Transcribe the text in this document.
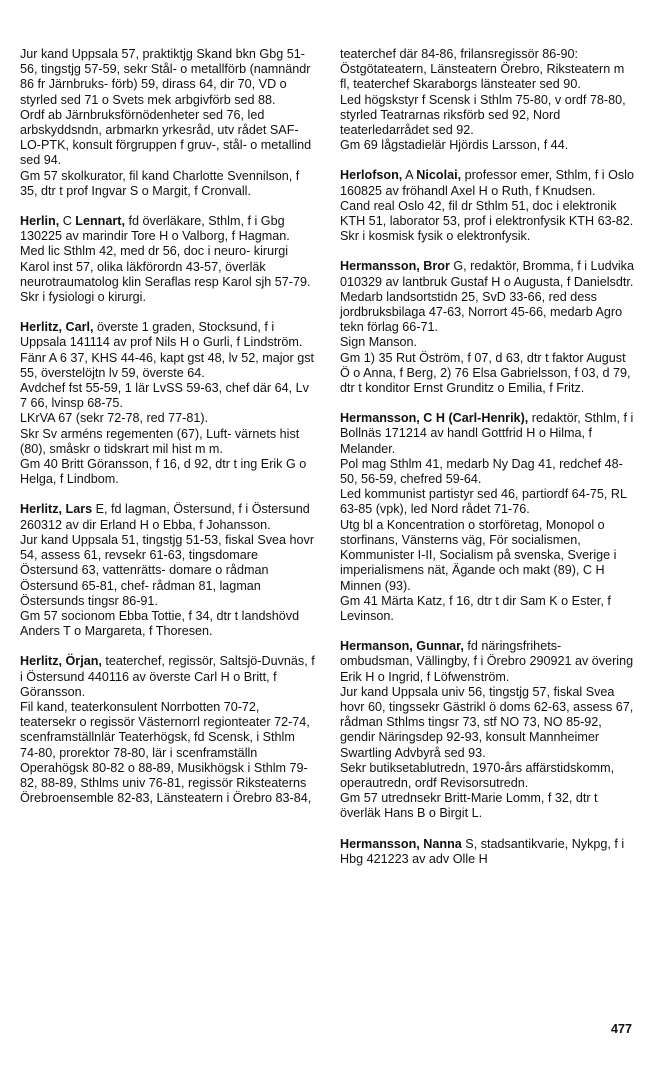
Jur kand Uppsala 57, praktiktjg Skand bkn Gbg 51-56, tingstjg 57-59, sekr Stål- o metallförb (namnändr 86 fr Järnbruks- förb) 59, dirass 64, dir 70, VD o styrled sed 71 o Svets mek arbgivförb sed 88.
Ordf ab Järnbruksförnödenheter sed 76, led arbskyddsndn, arbmarkn yrkesråd, utv rådet SAF-LO-PTK, konsult förgruppen f gruv-, stål- o metallind sed 94.
Gm 57 skolkurator, fil kand Charlotte Svennilson, f 35, dtr t prof Ingvar S o Margit, f Cronvall.

Herlin, C Lennart, fd överläkare, Sthlm, f i Gbg 130225 av marindir Tore H o Valborg, f Hagman.

Med lic Sthlm 42, med dr 56, doc i neuro- kirurgi Karol inst 57, olika läkförordn 43-57, överläk neurotraumatolog klin Seraflas resp Karol sjh 57-79.
Skr i fysiologi o kirurgi.

Herlitz, Carl, överste 1 graden, Stocksund, f i Uppsala 141114 av prof Nils H o Gurli, f Lindström.

Fänr A 6 37, KHS 44-46, kapt gst 48, lv 52, major gst 55, överstelöjtn lv 59, överste 64.
Avdchef fst 55-59, 1 lär LvSS 59-63, chef där 64, Lv 7 66, lvinsp 68-75.
LKrVA 67 (sekr 72-78, red 77-81).
Skr Sv arméns regementen (67), Luft- värnets hist (80), småskr o tidskrart mil hist m m.
Gm 40 Britt Göransson, f 16, d 92, dtr t ing Erik G o Helga, f Lindbom.

Herlitz, Lars E, fd lagman, Östersund, f i Östersund 260312 av dir Erland H o Ebba, f Johansson.

Jur kand Uppsala 51, tingstjg 51-53, fiskal Svea hovr 54, assess 61, revsekr 61-63, tingsdomare Östersund 63, vattenrätts- domare o rådman Östersund 65-81, chef- rådman 81, lagman Östersunds tingsr 86-91.
Gm 57 socionom Ebba Tottie, f 34, dtr t landshövd Anders T o Margareta, f Thoresen.

Herlitz, Örjan, teaterchef, regissör, Saltsjö-Duvnäs, f i Östersund 440116 av överste Carl H o Britt, f Göransson.

Fil kand, teaterkonsulent Norrbotten 70-72, teatersekr o regissör Västernorrl regionteater 72-74, scenframställnlär Teaterhögsk, fd Scensk, i Sthlm 74-80, prorektor 78-80, lär i scenframställn Operahögsk 80-82 o 88-89, Musikhögsk i Sthlm 79-82, 88-89, Sthlms univ 76-81, regissör Riksteaterns Örebroensemble 82-83, Länsteatern i Örebro 83-84,

teaterchef där 84-86, frilansregissör 86-90: Östgötateatern, Länsteatern Örebro, Riksteatern m fl, teaterchef Skaraborgs länsteater sed 90.
Led högskstyr f Scensk i Sthlm 75-80, v ordf 78-80, styrled Teatrarnas riksförb sed 92, Nord teaterledarrådet sed 92.
Gm 69 lågstadielär Hjördis Larsson, f 44.

Herlofson, A Nicolai, professor emer, Sthlm, f i Oslo 160825 av fröhandl Axel H o Ruth, f Knudsen.

Cand real Oslo 42, fil dr Sthlm 51, doc i elektronik KTH 51, laborator 53, prof i elektronfysik KTH 63-82.
Skr i kosmisk fysik o elektronfysik.

Hermansson, Bror G, redaktör, Bromma, f i Ludvika 010329 av lantbruk Gustaf H o Augusta, f Danielsdtr.

Medarb landsortstidn 25, SvD 33-66, red dess jordbruksbilaga 47-63, Norrort 45-66, medarb Agro tekn förlag 66-71.
Sign Manson.
Gm 1) 35 Rut Öström, f 07, d 63, dtr t faktor August Ö o Anna, f Berg, 2) 76 Elsa Gabrielsson, f 03, d 79, dtr t konditor Ernst Grunditz o Emilia, f Fritz.

Hermansson, C H (Carl-Henrik), redaktör, Sthlm, f i Bollnäs 171214 av handl Gottfrid H o Hilma, f Melander.

Pol mag Sthlm 41, medarb Ny Dag 41, redchef 48-50, 56-59, chefred 59-64.
Led kommunist partistyr sed 46, partiordf 64-75, RL 63-85 (vpk), led Nord rådet 71-76.
Utg bl a Koncentration o storföretag, Monopol o storfinans, Vänsterns väg, För socialismen, Kommunister I-II, Socialism på svenska, Sverige i imperialismens nät, Ägande och makt (89), C H Minnen (93).
Gm 41 Märta Katz, f 16, dtr t dir Sam K o Ester, f Levinson.

Hermanson, Gunnar, fd näringsfrihets- ombudsman, Vällingby, f i Örebro 290921 av övering Erik H o Ingrid, f Löfwenström.

Jur kand Uppsala univ 56, tingstjg 57, fiskal Svea hovr 60, tingssekr Gästrikl ö doms 62-63, assess 67, rådman Sthlms tingsr 73, stf NO 73, NO 85-92, gendir Näringsdep 92-93, konsult Mannheimer Swartling Advbyrå sed 93.
Sekr butiksetablutredn, 1970-års affärstidskomm, operautredn, ordf Revisorsutredn.
Gm 57 utrednsekr Britt-Marie Lomm, f 32, dtr t överläk Hans B o Birgit L.

Hermansson, Nanna S, stadsantikvarie, Nykpg, f i Hbg 421223 av adv Olle H

477
